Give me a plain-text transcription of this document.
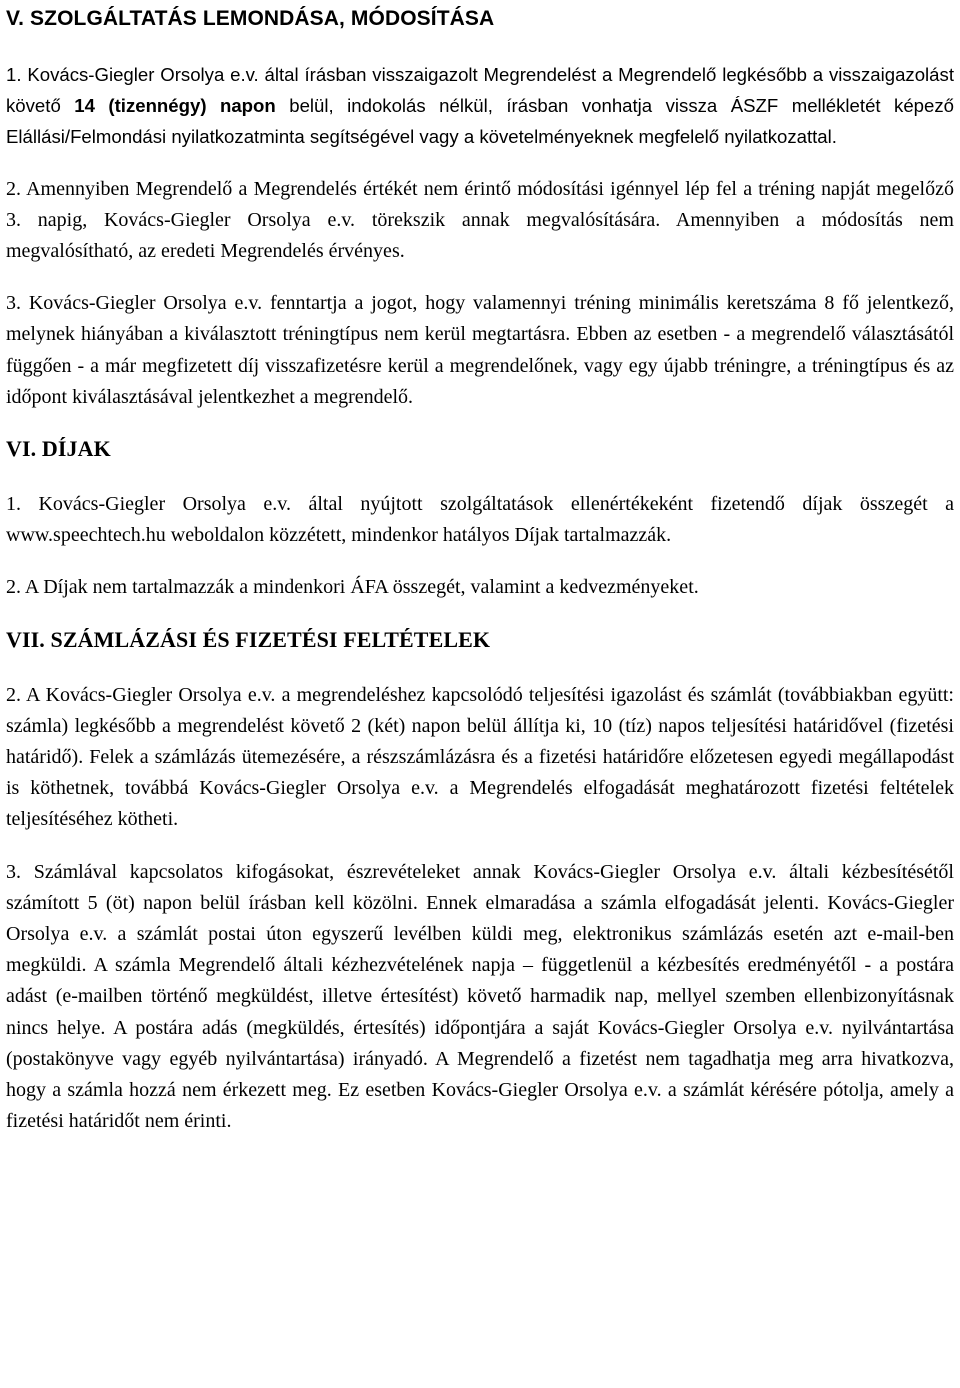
V. SZOLGÁLTATÁS LEMONDÁSA, MÓDOSÍTÁSA

1. Kovács-Giegler Orsolya e.v. által írásban visszaigazolt Megrendelést a Megrendelő legkésőbb a visszaigazolást követő 14 (tizennégy) napon belül, indokolás nélkül, írásban vonhatja vissza ÁSZF mellékletét képező Elállási/Felmondási nyilatkozatminta segítségével vagy a követelményeknek megfelelő nyilatkozattal.

2. Amennyiben Megrendelő a Megrendelés értékét nem érintő módosítási igénnyel lép fel a tréning napját megelőző 3. napig, Kovács-Giegler Orsolya e.v. törekszik annak megvalósítására. Amennyiben a módosítás nem megvalósítható, az eredeti Megrendelés érvényes.

3. Kovács-Giegler Orsolya e.v. fenntartja a jogot, hogy valamennyi tréning minimális keretszáma 8 fő jelentkező, melynek hiányában a kiválasztott tréningtípus nem kerül megtartásra. Ebben az esetben - a megrendelő választásától függően - a már megfizetett díj visszafizetésre kerül a megrendelőnek, vagy egy újabb tréningre, a tréningtípus és az időpont kiválasztásával jelentkezhet a megrendelő.

VI. DÍJAK

1. Kovács-Giegler Orsolya e.v. által nyújtott szolgáltatások ellenértékeként fizetendő díjak összegét a www.speechtech.hu weboldalon közzétett, mindenkor hatályos Díjak tartalmazzák.

2. A Díjak nem tartalmazzák a mindenkori ÁFA összegét, valamint a kedvezményeket.

VII. SZÁMLÁZÁSI ÉS FIZETÉSI FELTÉTELEK

2. A Kovács-Giegler Orsolya e.v. a megrendeléshez kapcsolódó teljesítési igazolást és számlát (továbbiakban együtt: számla) legkésőbb a megrendelést követő 2 (két) napon belül állítja ki, 10 (tíz) napos teljesítési határidővel (fizetési határidő). Felek a számlázás ütemezésére, a részszámlázásra és a fizetési határidőre előzetesen egyedi megállapodást is köthetnek, továbbá Kovács-Giegler Orsolya e.v. a Megrendelés elfogadását meghatározott fizetési feltételek teljesítéséhez kötheti.

3. Számlával kapcsolatos kifogásokat, észrevételeket annak Kovács-Giegler Orsolya e.v. általi kézbesítésétől számított 5 (öt) napon belül írásban kell közölni. Ennek elmaradása a számla elfogadását jelenti. Kovács-Giegler Orsolya e.v. a számlát postai úton egyszerű levélben küldi meg, elektronikus számlázás esetén azt e-mail-ben megküldi. A számla Megrendelő általi kézhezvételének napja – függetlenül a kézbesítés eredményétől - a postára adást (e-mailben történő megküldést, illetve értesítést) követő harmadik nap, mellyel szemben ellenbizonyításnak nincs helye. A postára adás (megküldés, értesítés) időpontjára a saját Kovács-Giegler Orsolya e.v. nyilvántartása (postakönyve vagy egyéb nyilvántartása) irányadó. A Megrendelő a fizetést nem tagadhatja meg arra hivatkozva, hogy a számla hozzá nem érkezett meg. Ez esetben Kovács-Giegler Orsolya e.v. a számlát kérésére pótolja, amely a fizetési határidőt nem érinti.
